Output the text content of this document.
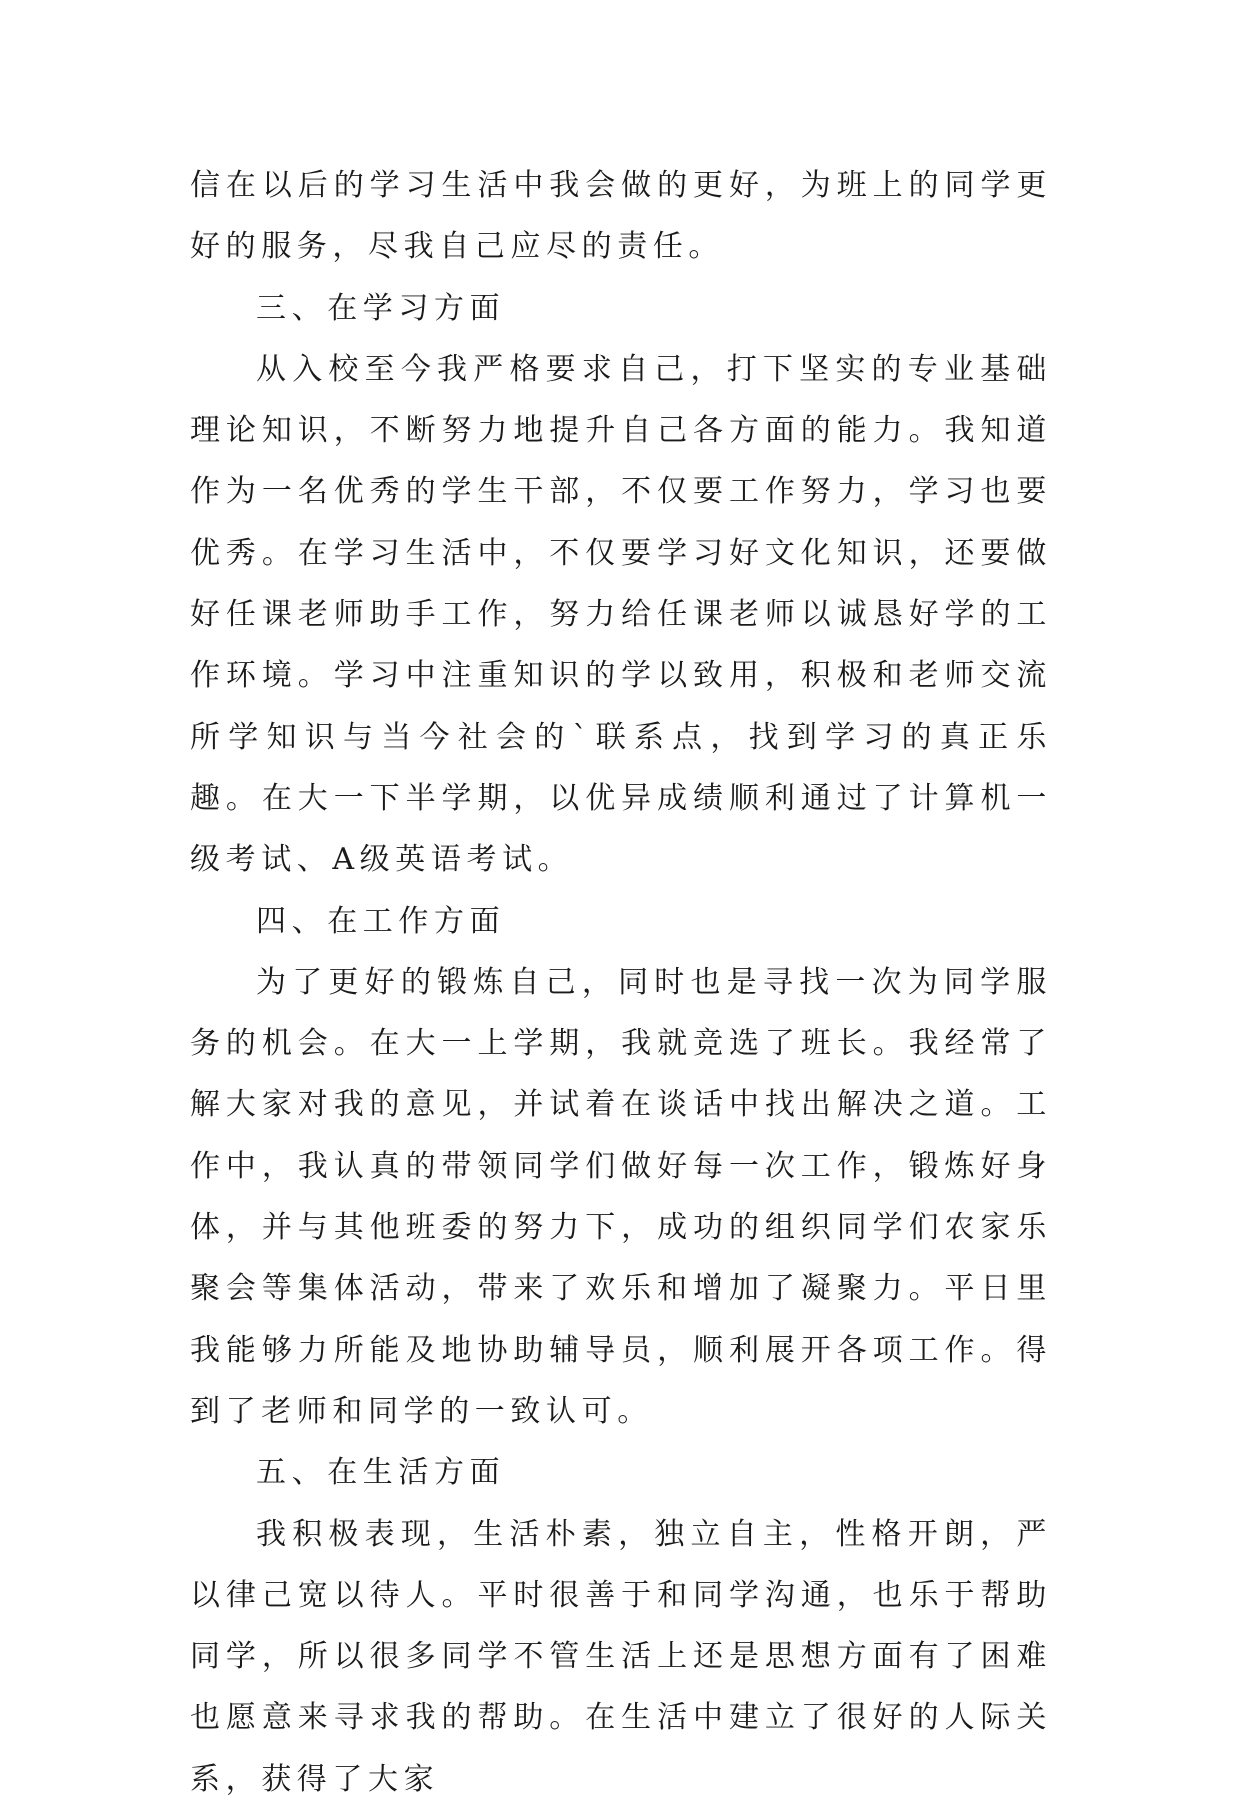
信在以后的学习生活中我会做的更好，为班上的同学更好的服务，尽我自己应尽的责任。

三、在学习方面

从入校至今我严格要求自己，打下坚实的专业基础理论知识，不断努力地提升自己各方面的能力。我知道作为一名优秀的学生干部，不仅要工作努力，学习也要优秀。在学习生活中，不仅要学习好文化知识，还要做好任课老师助手工作，努力给任课老师以诚恳好学的工作环境。学习中注重知识的学以致用，积极和老师交流所学知识与当今社会的`联系点，找到学习的真正乐趣。在大一下半学期，以优异成绩顺利通过了计算机一级考试、A级英语考试。

四、在工作方面

为了更好的锻炼自己，同时也是寻找一次为同学服务的机会。在大一上学期，我就竞选了班长。我经常了解大家对我的意见，并试着在谈话中找出解决之道。工作中，我认真的带领同学们做好每一次工作，锻炼好身体，并与其他班委的努力下，成功的组织同学们农家乐聚会等集体活动，带来了欢乐和增加了凝聚力。平日里我能够力所能及地协助辅导员，顺利展开各项工作。得到了老师和同学的一致认可。

五、在生活方面

我积极表现，生活朴素，独立自主，性格开朗，严以律己宽以待人。平时很善于和同学沟通，也乐于帮助同学，所以很多同学不管生活上还是思想方面有了困难也愿意来寻求我的帮助。在生活中建立了很好的人际关系，获得了大家
